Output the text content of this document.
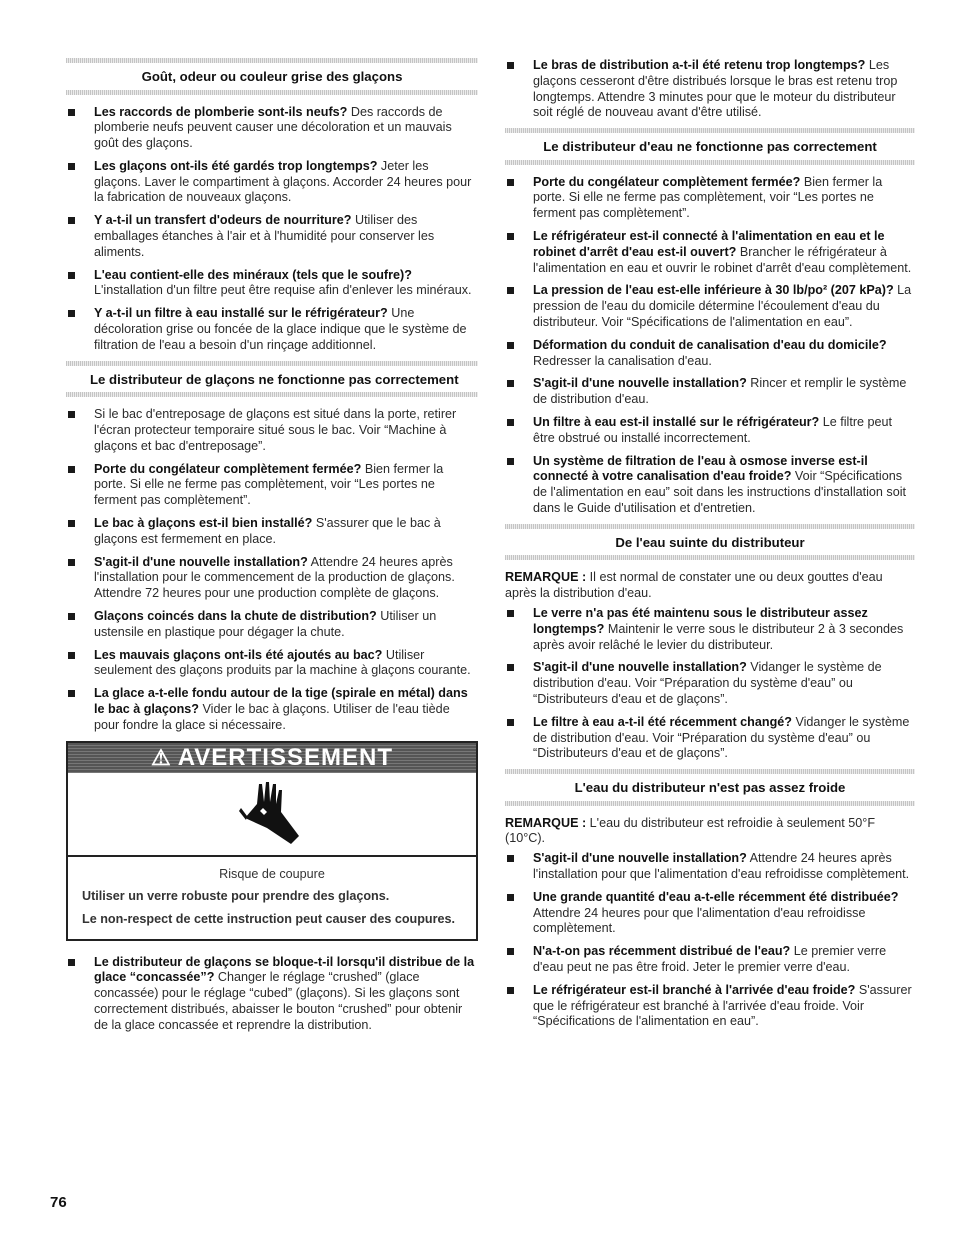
Goût, odeur ou couleur grise des glaçons
Les raccords de plomberie sont-ils neufs? Des raccords de plomberie neufs peuvent causer une décoloration et un mauvais goût des glaçons.
Les glaçons ont-ils été gardés trop longtemps? Jeter les glaçons. Laver le compartiment à glaçons. Accorder 24 heures pour la fabrication de nouveaux glaçons.
Y a-t-il un transfert d'odeurs de nourriture? Utiliser des emballages étanches à l'air et à l'humidité pour conserver les aliments.
L'eau contient-elle des minéraux (tels que le soufre)? L'installation d'un filtre peut être requise afin d'enlever les minéraux.
Y a-t-il un filtre à eau installé sur le réfrigérateur? Une décoloration grise ou foncée de la glace indique que le système de filtration de l'eau a besoin d'un rinçage additionnel.
Le distributeur de glaçons ne fonctionne pas correctement
Si le bac d'entreposage de glaçons est situé dans la porte, retirer l'écran protecteur temporaire situé sous le bac. Voir “Machine à glaçons et bac d'entreposage”.
Porte du congélateur complètement fermée? Bien fermer la porte. Si elle ne ferme pas complètement, voir “Les portes ne ferment pas complètement”.
Le bac à glaçons est-il bien installé? S'assurer que le bac à glaçons est fermement en place.
S'agit-il d'une nouvelle installation? Attendre 24 heures après l'installation pour le commencement de la production de glaçons. Attendre 72 heures pour une production complète de glaçons.
Glaçons coincés dans la chute de distribution? Utiliser un ustensile en plastique pour dégager la chute.
Les mauvais glaçons ont-ils été ajoutés au bac? Utiliser seulement des glaçons produits par la machine à glaçons courante.
La glace a-t-elle fondu autour de la tige (spirale en métal) dans le bac à glaçons? Vider le bac à glaçons. Utiliser de l'eau tiède pour fondre la glace si nécessaire.
⚠ AVERTISSEMENT
Risque de coupure
Utiliser un verre robuste pour prendre des glaçons.
Le non-respect de cette instruction peut causer des coupures.
Le distributeur de glaçons se bloque-t-il lorsqu'il distribue de la glace “concassée”? Changer le réglage “crushed” (glace concassée) pour le réglage “cubed” (glaçons). Si les glaçons sont correctement distribués, abaisser le bouton “crushed” pour obtenir de la glace concassée et reprendre la distribution.
Le bras de distribution a-t-il été retenu trop longtemps? Les glaçons cesseront d'être distribués lorsque le bras est retenu trop longtemps. Attendre 3 minutes pour que le moteur du distributeur soit réglé de nouveau avant d'être utilisé.
Le distributeur d'eau ne fonctionne pas correctement
Porte du congélateur complètement fermée? Bien fermer la porte. Si elle ne ferme pas complètement, voir “Les portes ne ferment pas complètement”.
Le réfrigérateur est-il connecté à l'alimentation en eau et le robinet d'arrêt d'eau est-il ouvert? Brancher le réfrigérateur à l'alimentation en eau et ouvrir le robinet d'arrêt d'eau complètement.
La pression de l'eau est-elle inférieure à 30 lb/po² (207 kPa)? La pression de l'eau du domicile détermine l'écoulement d'eau du distributeur. Voir “Spécifications de l'alimentation en eau”.
Déformation du conduit de canalisation d'eau du domicile? Redresser la canalisation d'eau.
S'agit-il d'une nouvelle installation? Rincer et remplir le système de distribution d'eau.
Un filtre à eau est-il installé sur le réfrigérateur? Le filtre peut être obstrué ou installé incorrectement.
Un système de filtration de l'eau à osmose inverse est-il connecté à votre canalisation d'eau froide? Voir “Spécifications de l'alimentation en eau” soit dans les instructions d'installation soit dans le Guide d'utilisation et d'entretien.
De l'eau suinte du distributeur

REMARQUE : Il est normal de constater une ou deux gouttes d'eau après la distribution d'eau.

Le verre n'a pas été maintenu sous le distributeur assez longtemps? Maintenir le verre sous le distributeur 2 à 3 secondes après avoir relâché le levier du distributeur.
S'agit-il d'une nouvelle installation? Vidanger le système de distribution d'eau. Voir “Préparation du système d'eau” ou “Distributeurs d'eau et de glaçons”.
Le filtre à eau a-t-il été récemment changé? Vidanger le système de distribution d'eau. Voir “Préparation du système d'eau” ou “Distributeurs d'eau et de glaçons”.
L'eau du distributeur n'est pas assez froide

REMARQUE : L'eau du distributeur est refroidie à seulement 50°F (10°C).

S'agit-il d'une nouvelle installation? Attendre 24 heures après l'installation pour que l'alimentation d'eau refroidisse complètement.
Une grande quantité d'eau a-t-elle récemment été distribuée? Attendre 24 heures pour que l'alimentation d'eau refroidisse complètement.
N'a-t-on pas récemment distribué de l'eau? Le premier verre d'eau peut ne pas être froid. Jeter le premier verre d'eau.
Le réfrigérateur est-il branché à l'arrivée d'eau froide? S'assurer que le réfrigérateur est branché à l'arrivée d'eau froide. Voir “Spécifications de l'alimentation en eau”.
76
